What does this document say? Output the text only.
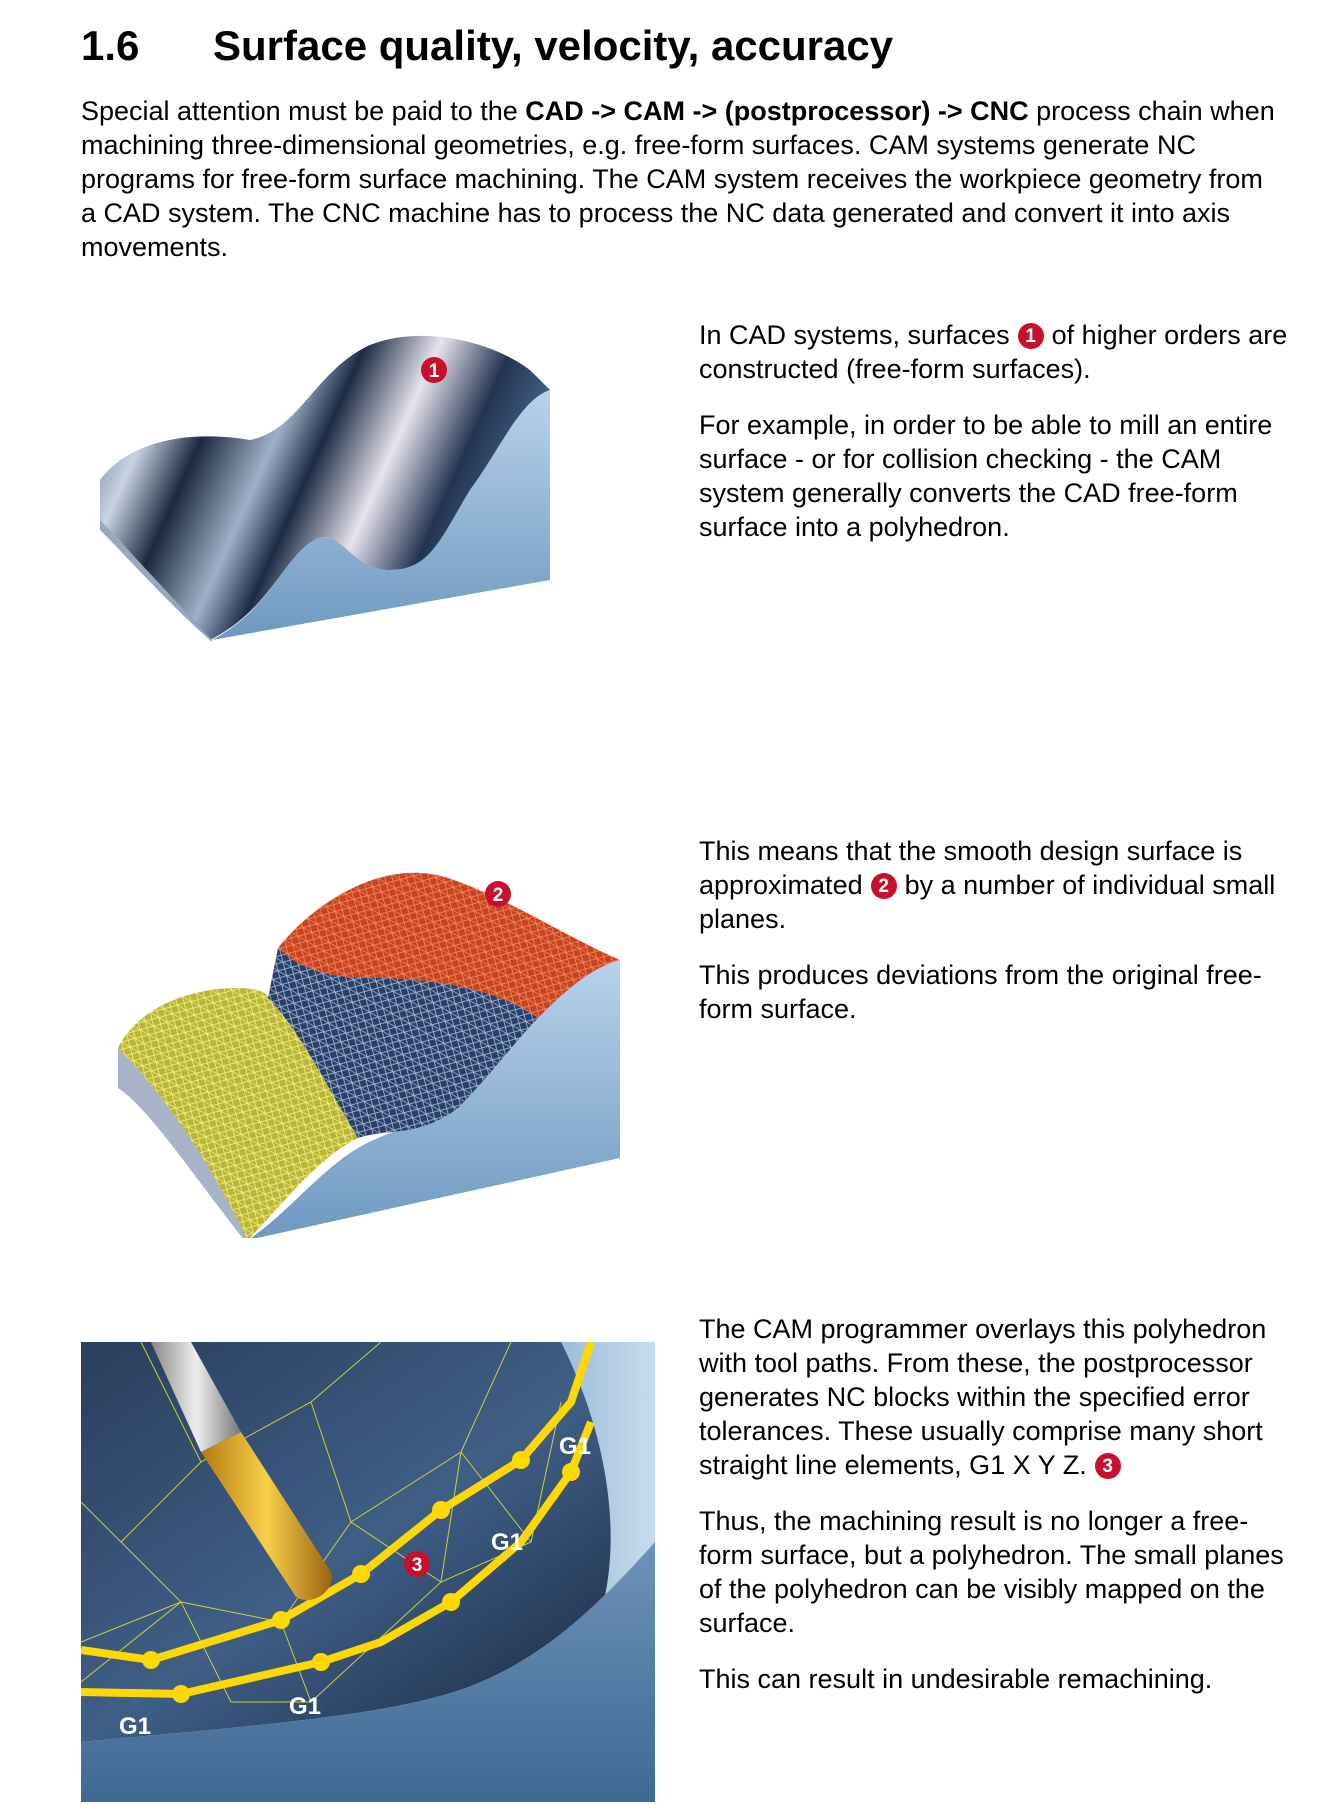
1.6 Surface quality, velocity, accuracy

Special attention must be paid to the CAD -> CAM -> (postprocessor) -> CNC process chain when machining three-dimensional geometries, e.g. free-form surfaces. CAM systems generate NC programs for free-form surface machining. The CAM system receives the workpiece geometry from a CAD system. The CNC machine has to process the NC data generated and convert it into axis movements.

1

In CAD systems, surfaces 1 of higher orders are constructed (free-form surfaces).

For example, in order to be able to mill an entire surface - or for collision checking - the CAM system generally converts the CAD free-form surface into a polyhedron.

2

This means that the smooth design surface is approximated 2 by a number of individual small planes.

This produces deviations from the original free-form surface.

G1
G1
G1
G1
3

The CAM programmer overlays this polyhedron with tool paths. From these, the postprocessor generates NC blocks within the specified error tolerances. These usually comprise many short straight line elements, G1 X Y Z. 3

Thus, the machining result is no longer a free-form surface, but a polyhedron. The small planes of the polyhedron can be visibly mapped on the surface.

This can result in undesirable remachining.
